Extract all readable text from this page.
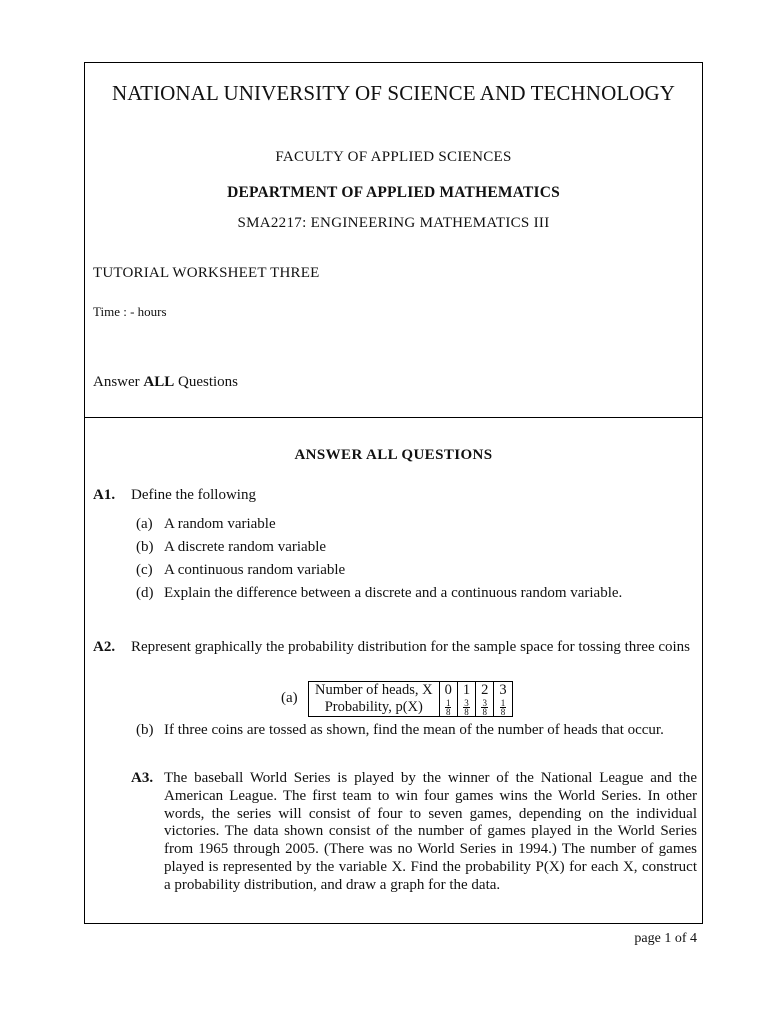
NATIONAL UNIVERSITY OF SCIENCE AND TECHNOLOGY
FACULTY OF APPLIED SCIENCES
DEPARTMENT OF APPLIED MATHEMATICS
SMA2217: ENGINEERING MATHEMATICS III
TUTORIAL WORKSHEET THREE
Time : - hours
Answer ALL Questions
ANSWER ALL QUESTIONS
A1. Define the following
(a) A random variable
(b) A discrete random variable
(c) A continuous random variable
(d) Explain the difference between a discrete and a continuous random variable.
A2. Represent graphically the probability distribution for the sample space for tossing three coins
(a) Number of heads, X	0	1	2	3
Probability, p(X)	$\frac{1}{8}$	$\frac{3}{8}$	$\frac{3}{8}$	$\frac{1}{8}$
(b) If three coins are tossed as shown, find the mean of the number of heads that occur.
A3. The baseball World Series is played by the winner of the National League and the American League. The first team to win four games wins the World Series. In other words, the series will consist of four to seven games, depending on the individual victories. The data shown consist of the number of games played in the World Series from 1965 through 2005. (There was no World Series in 1994.) The number of games played is represented by the variable X. Find the probability P(X) for each X, construct a probability distribution, and draw a graph for the data.
page 1 of 4
